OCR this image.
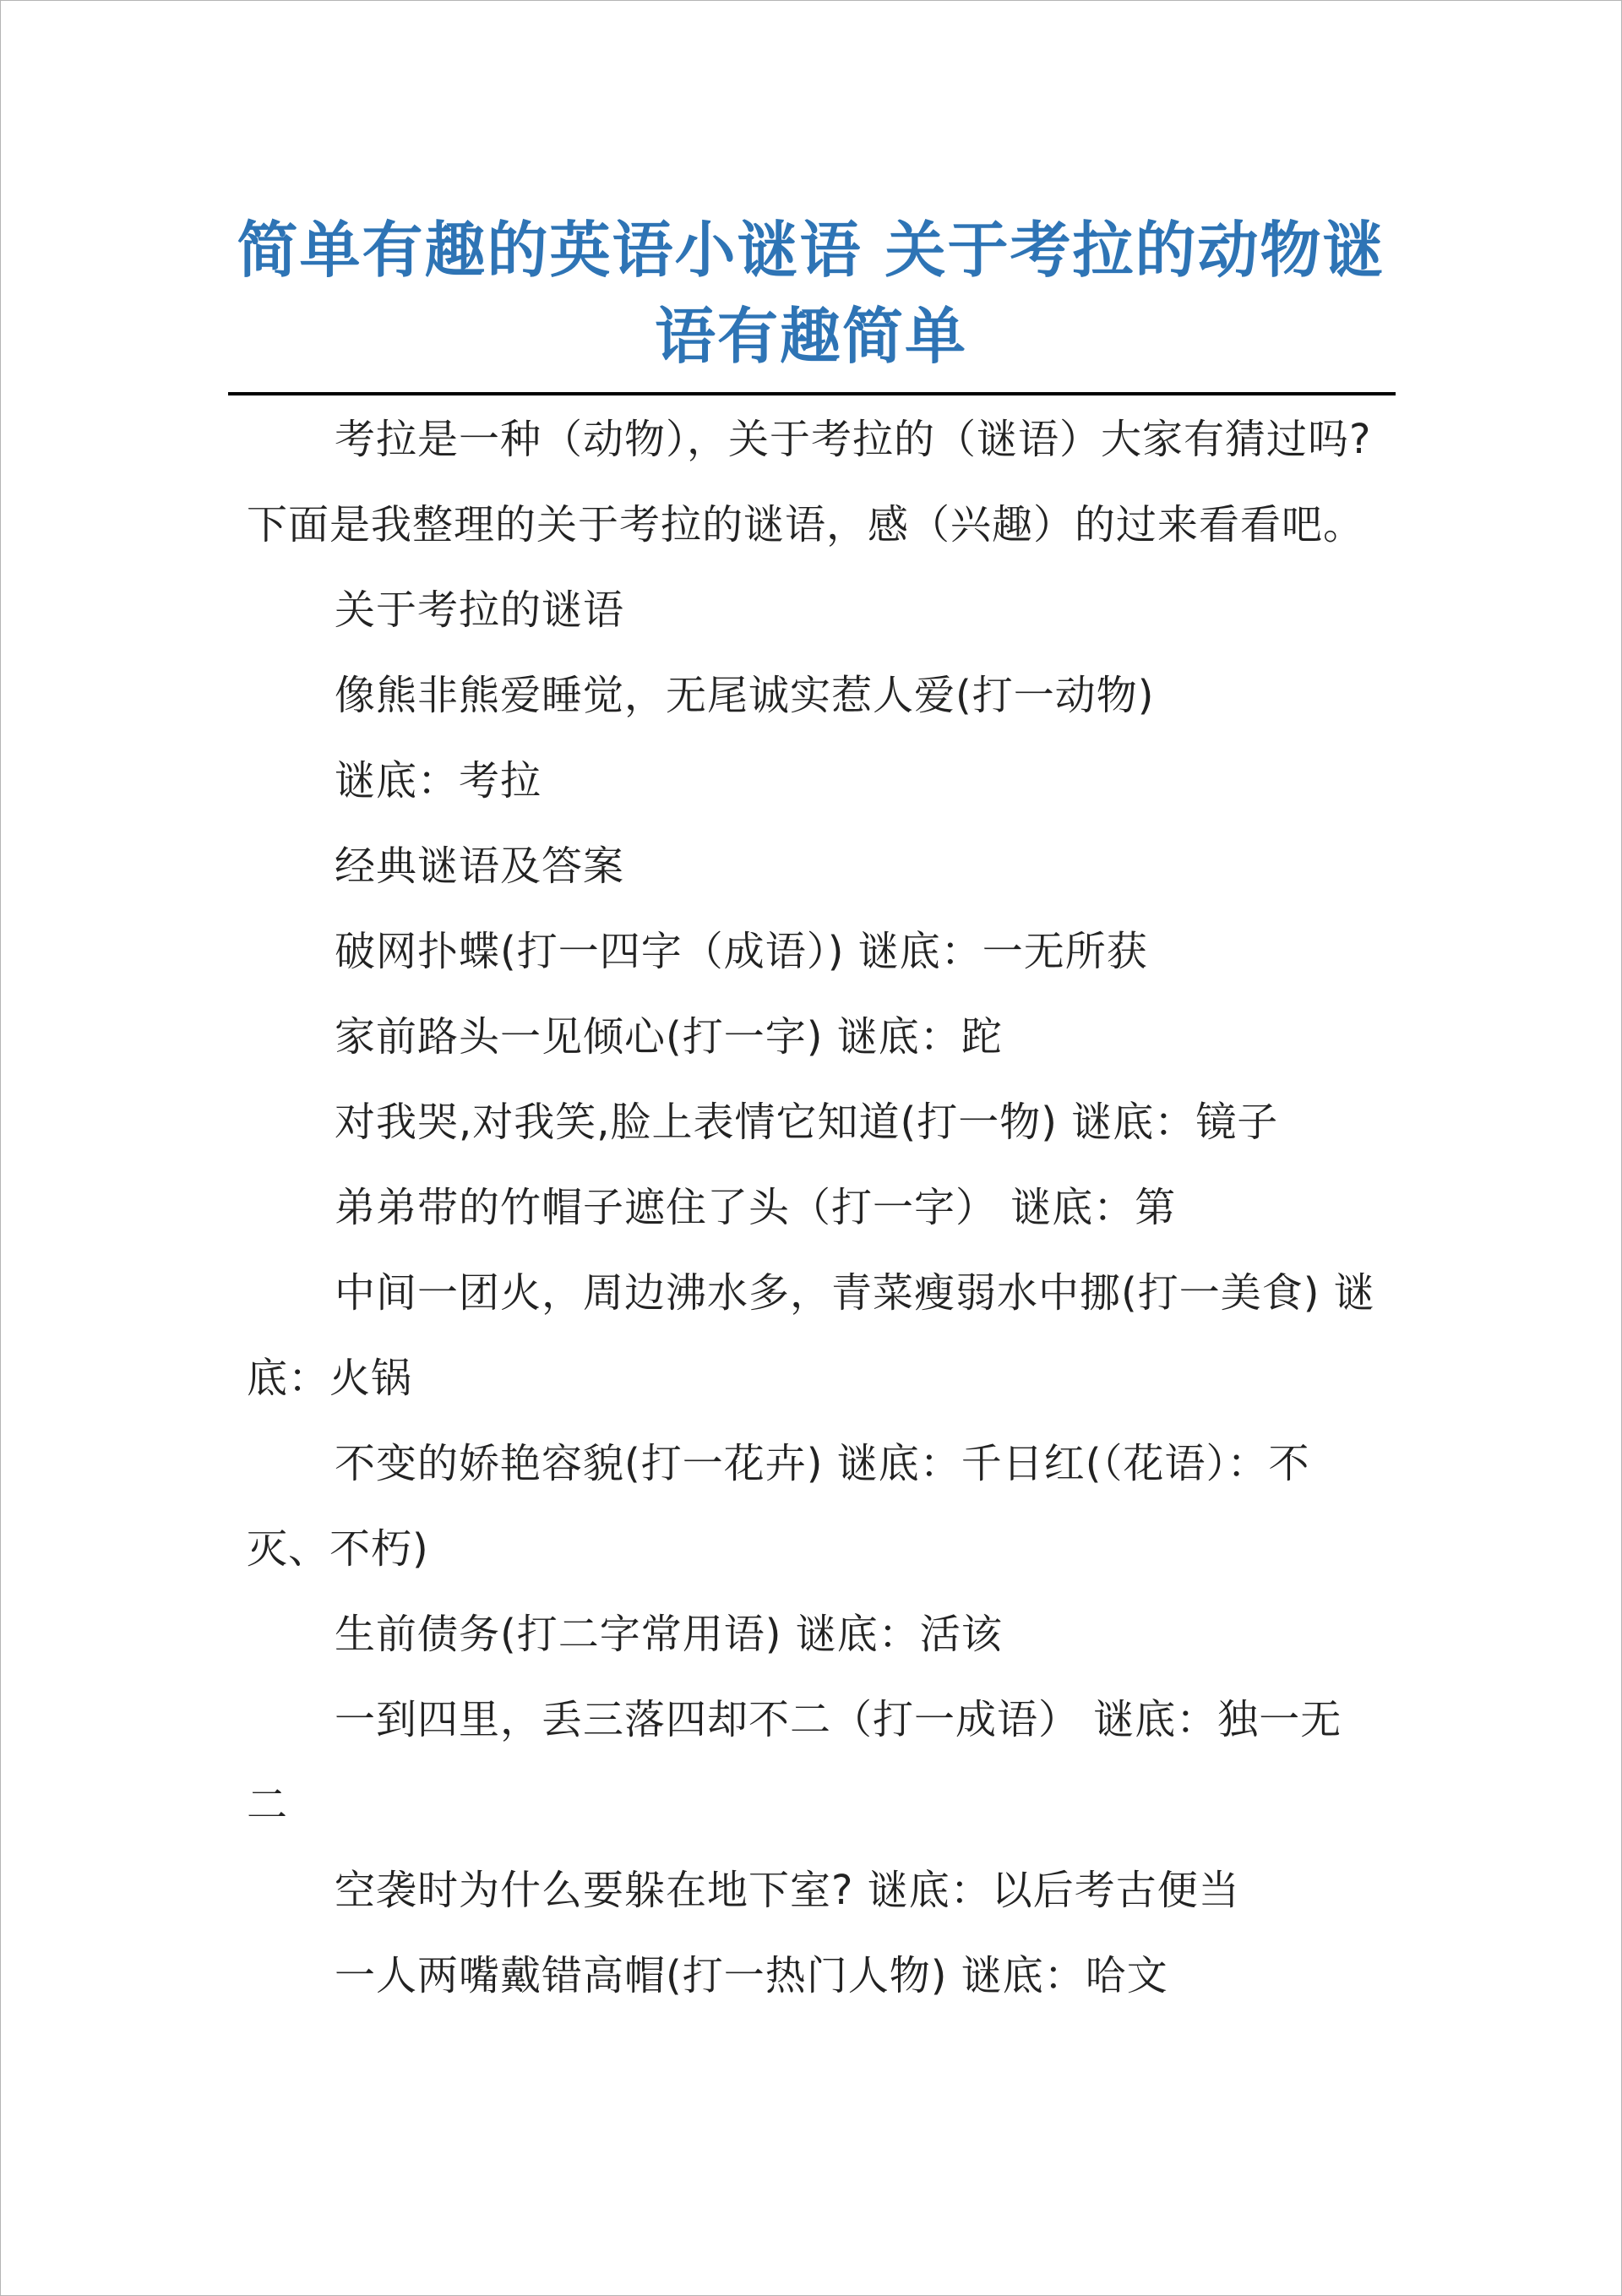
简单有趣的英语小谜语 关于考拉的动物谜语有趣简单

考拉是一种（动物），关于考拉的（谜语）大家有猜过吗?下面是我整理的关于考拉的谜语，感（兴趣）的过来看看吧。

关于考拉的谜语

像熊非熊爱睡觉，无尾诚实惹人爱(打一动物)

谜底：考拉

经典谜语及答案

破网扑蝶(打一四字（成语）) 谜底：一无所获

家前路头一见倾心(打一字) 谜底：跎

对我哭,对我笑,脸上表情它知道(打一物) 谜底：镜子

弟弟带的竹帽子遮住了头（打一字） 谜底：第

中间一团火，周边沸水多，青菜瘦弱水中挪(打一美食) 谜底：火锅

不变的娇艳容貌(打一花卉) 谜底：千日红(（花语）：不灭、不朽)

生前债务(打二字常用语) 谜底：活该

一到四里，丢三落四却不二（打一成语） 谜底：独一无二

空袭时为什么要躲在地下室? 谜底：以后考古便当

一人两嘴戴错高帽(打一热门人物) 谜底：哈文
